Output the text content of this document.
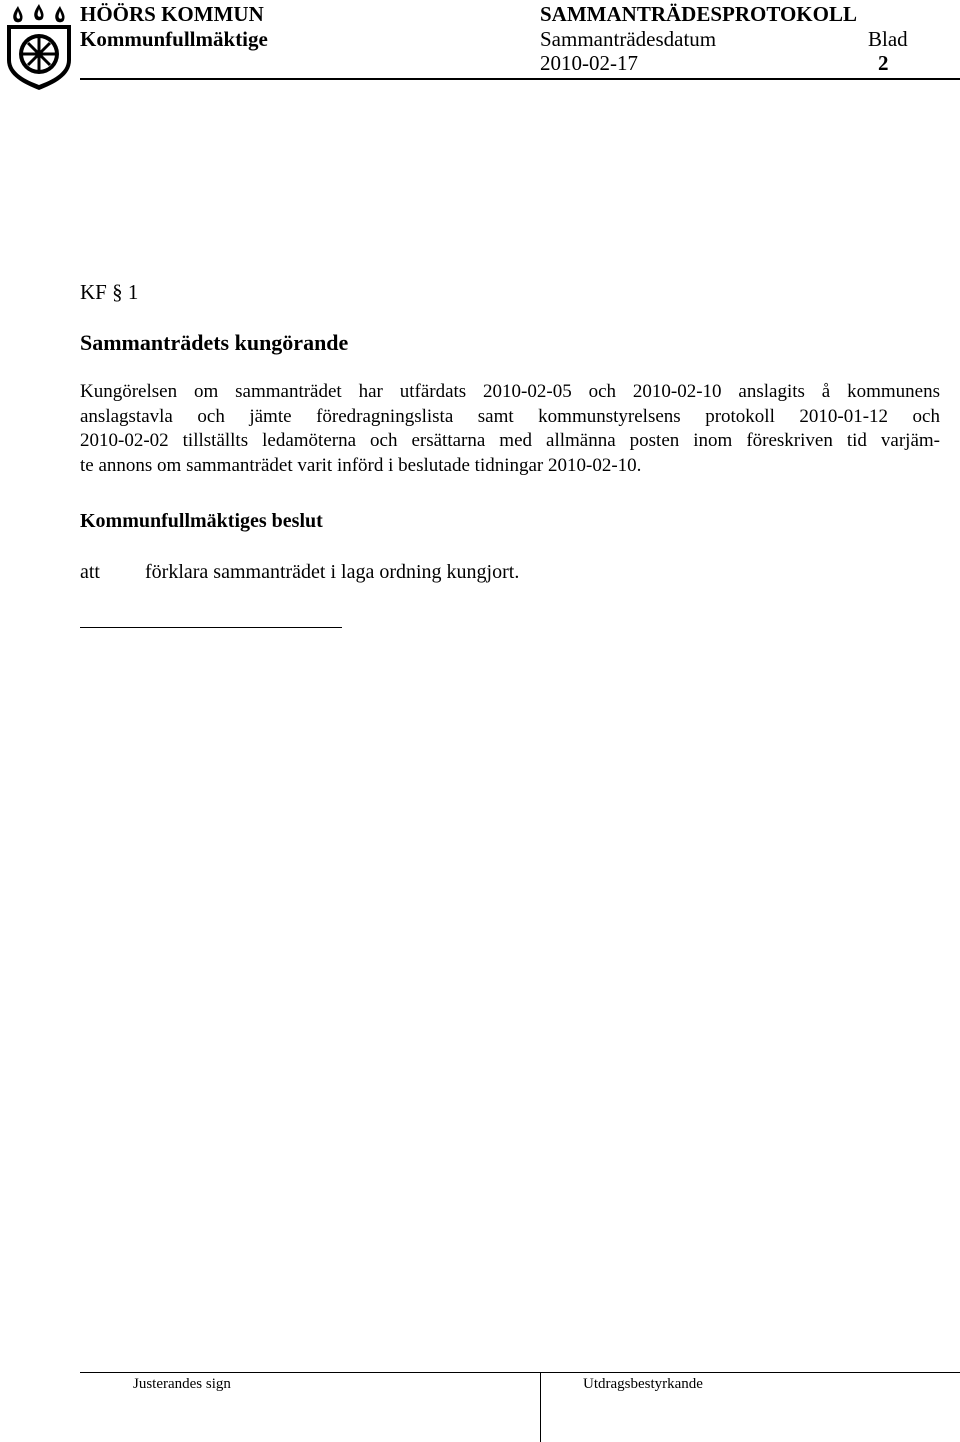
HÖÖRS KOMMUN
Kommunfullmäktige
SAMMANTRÄDESPROTOKOLL
Sammanträdesdatum
2010-02-17
Blad
2
KF § 1
Sammanträdets kungörande
Kungörelsen om sammanträdet har utfärdats 2010-02-05 och 2010-02-10 anslagits å kommunens
anslagstavla och jämte föredragningslista samt kommunstyrelsens protokoll 2010-01-12 och
2010-02-02 tillställts ledamöterna och ersättarna med allmänna posten inom föreskriven tid varjäm-
te annons om sammanträdet varit införd i beslutade tidningar 2010-02-10.
Kommunfullmäktiges beslut
att förklara sammanträdet i laga ordning kungjort.
Justerandes sign	Utdragsbestyrkande
